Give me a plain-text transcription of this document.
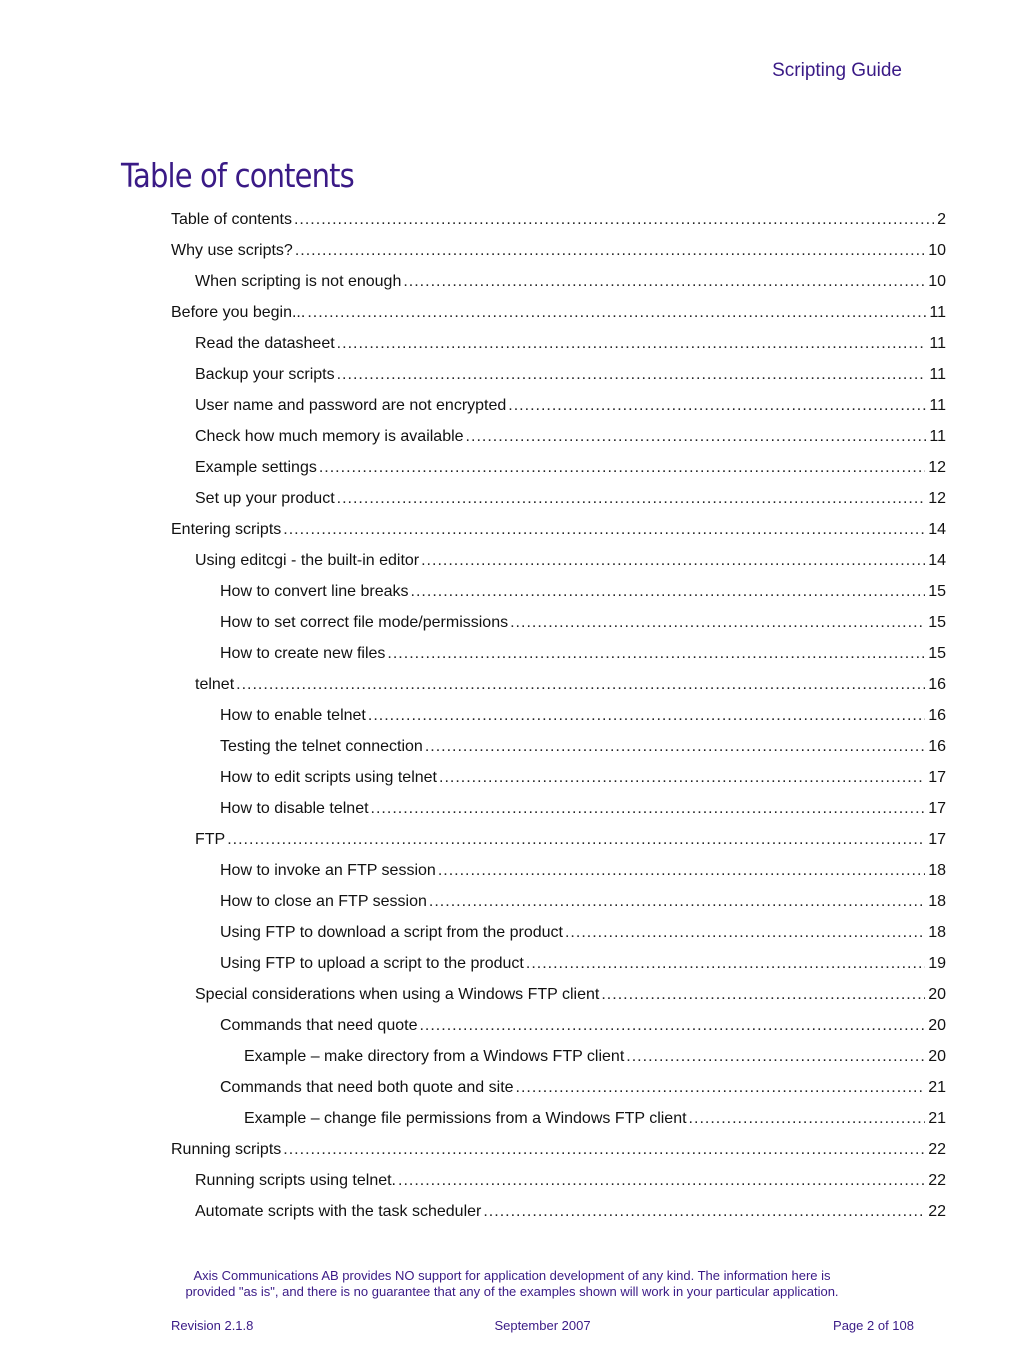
Scripting Guide
Table of contents
Table of contents .....	2
Why use scripts? .....	10
When scripting is not enough .....	10
Before you begin... .....	11
Read the datasheet .....	11
Backup your scripts .....	11
User name and password are not encrypted .....	11
Check how much memory is available .....	11
Example settings .....	12
Set up your product .....	12
Entering scripts .....	14
Using editcgi - the built-in editor .....	14
How to convert line breaks .....	15
How to set correct file mode/permissions .....	15
How to create new files .....	15
telnet .....	16
How to enable telnet .....	16
Testing the telnet connection .....	16
How to edit scripts using telnet .....	17
How to disable telnet .....	17
FTP .....	17
How to invoke an FTP session .....	18
How to close an FTP session .....	18
Using FTP to download a script from the product .....	18
Using FTP to upload a script to the product .....	19
Special considerations when using a Windows FTP client .....	20
Commands that need quote .....	20
Example – make directory from a Windows FTP client .....	20
Commands that need both quote and site .....	21
Example – change file permissions from a Windows FTP client .....	21
Running scripts .....	22
Running scripts using telnet. .....	22
Automate scripts with the task scheduler .....	22
Axis Communications AB provides NO support for application development of any kind. The information here is
provided "as is", and there is no guarantee that any of the examples shown will work in your particular application.
Revision 2.1.8	September 2007	Page 2 of 108
